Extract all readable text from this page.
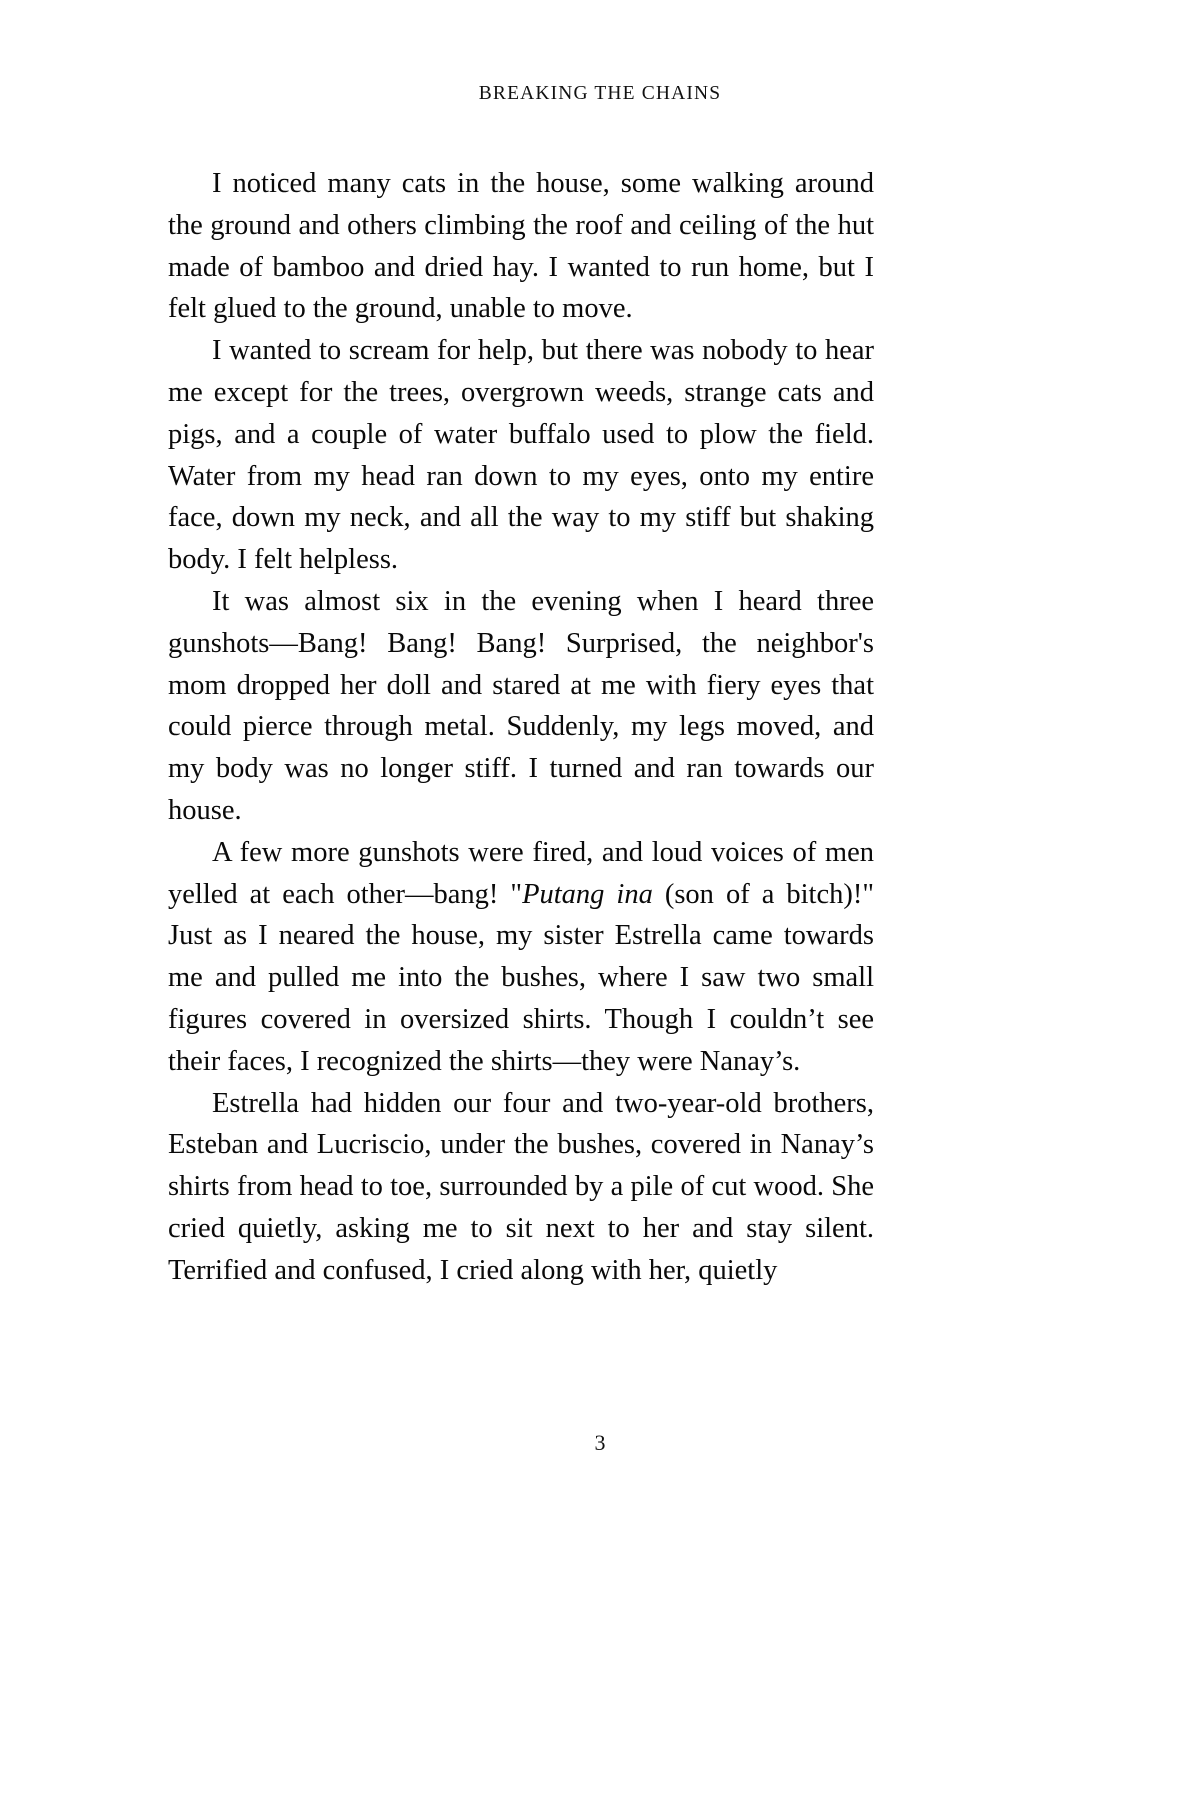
BREAKING THE CHAINS

I noticed many cats in the house, some walking around the ground and others climbing the roof and ceiling of the hut made of bamboo and dried hay. I wanted to run home, but I felt glued to the ground, unable to move.

I wanted to scream for help, but there was nobody to hear me except for the trees, overgrown weeds, strange cats and pigs, and a couple of water buffalo used to plow the field. Water from my head ran down to my eyes, onto my entire face, down my neck, and all the way to my stiff but shaking body. I felt helpless.

It was almost six in the evening when I heard three gunshots—Bang! Bang! Bang! Surprised, the neighbor's mom dropped her doll and stared at me with fiery eyes that could pierce through metal. Suddenly, my legs moved, and my body was no longer stiff. I turned and ran towards our house.

A few more gunshots were fired, and loud voices of men yelled at each other—bang! "Putang ina (son of a bitch)!" Just as I neared the house, my sister Estrella came towards me and pulled me into the bushes, where I saw two small figures covered in oversized shirts. Though I couldn’t see their faces, I recognized the shirts—they were Nanay’s.

Estrella had hidden our four and two-year-old brothers, Esteban and Lucriscio, under the bushes, covered in Nanay’s shirts from head to toe, surrounded by a pile of cut wood. She cried quietly, asking me to sit next to her and stay silent. Terrified and confused, I cried along with her, quietly

3
